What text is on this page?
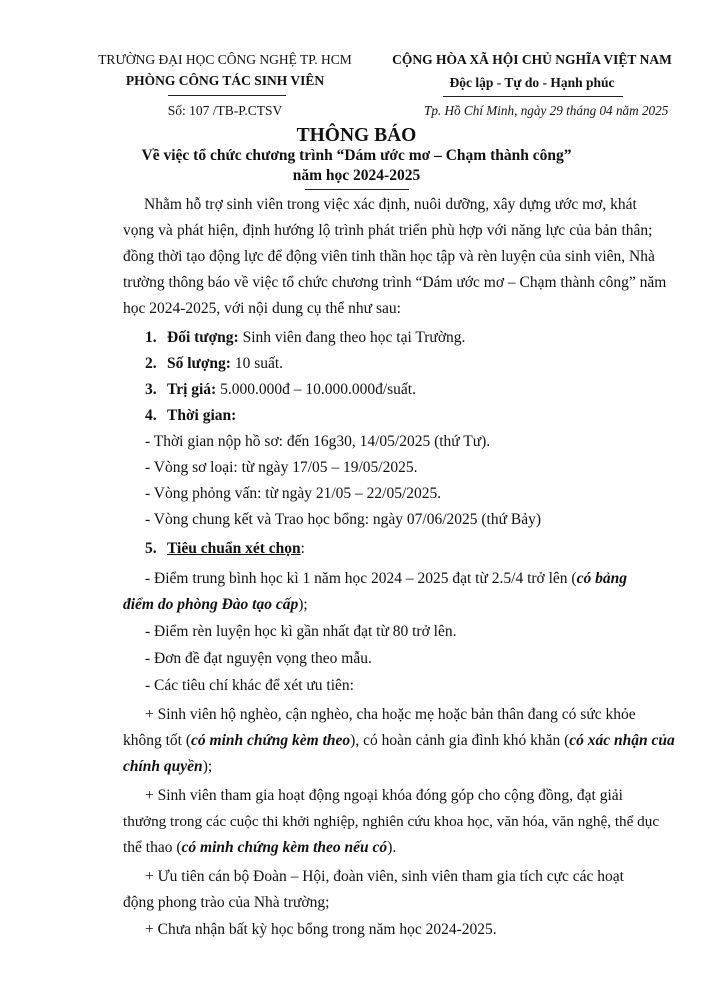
TRƯỜNG ĐẠI HỌC CÔNG NGHỆ TP. HCM
PHÒNG CÔNG TÁC SINH VIÊN
Số: 107 /TB-P.CTSV
CỘNG HÒA XÃ HỘI CHỦ NGHĨA VIỆT NAM
Độc lập - Tự do - Hạnh phúc
Tp. Hồ Chí Minh, ngày 29 tháng 04 năm 2025
THÔNG BÁO
Về việc tổ chức chương trình “Dám ước mơ – Chạm thành công”
năm học 2024-2025
Nhằm hỗ trợ sinh viên trong việc xác định, nuôi dưỡng, xây dựng ước mơ, khát
vọng và phát hiện, định hướng lộ trình phát triển phù hợp với năng lực của bản thân;
đồng thời tạo động lực để động viên tinh thần học tập và rèn luyện của sinh viên, Nhà
trường thông báo về việc tổ chức chương trình “Dám ước mơ – Chạm thành công” năm
học 2024-2025, với nội dung cụ thể như sau:
1. Đối tượng: Sinh viên đang theo học tại Trường.
2. Số lượng: 10 suất.
3. Trị giá: 5.000.000đ – 10.000.000đ/suất.
4. Thời gian:
- Thời gian nộp hồ sơ: đến 16g30, 14/05/2025 (thứ Tư).
- Vòng sơ loại: từ ngày 17/05 – 19/05/2025.
- Vòng phỏng vấn: từ ngày 21/05 – 22/05/2025.
- Vòng chung kết và Trao học bổng: ngày 07/06/2025 (thứ Bảy)
5. Tiêu chuẩn xét chọn:
- Điểm trung bình học kì 1 năm học 2024 – 2025 đạt từ 2.5/4 trở lên (có bảng
điểm do phòng Đào tạo cấp);
- Điểm rèn luyện học kì gần nhất đạt từ 80 trở lên.
- Đơn đề đạt nguyện vọng theo mẫu.
- Các tiêu chí khác để xét ưu tiên:
+ Sinh viên hộ nghèo, cận nghèo, cha hoặc mẹ hoặc bản thân đang có sức khỏe
không tốt (có minh chứng kèm theo), có hoàn cảnh gia đình khó khăn (có xác nhận của
chính quyền);
+ Sinh viên tham gia hoạt động ngoại khóa đóng góp cho cộng đồng, đạt giải
thưởng trong các cuộc thi khởi nghiệp, nghiên cứu khoa học, văn hóa, văn nghệ, thể dục
thể thao (có minh chứng kèm theo nếu có).
+ Ưu tiên cán bộ Đoàn – Hội, đoàn viên, sinh viên tham gia tích cực các hoạt
động phong trào của Nhà trường;
+ Chưa nhận bất kỳ học bổng trong năm học 2024-2025.
